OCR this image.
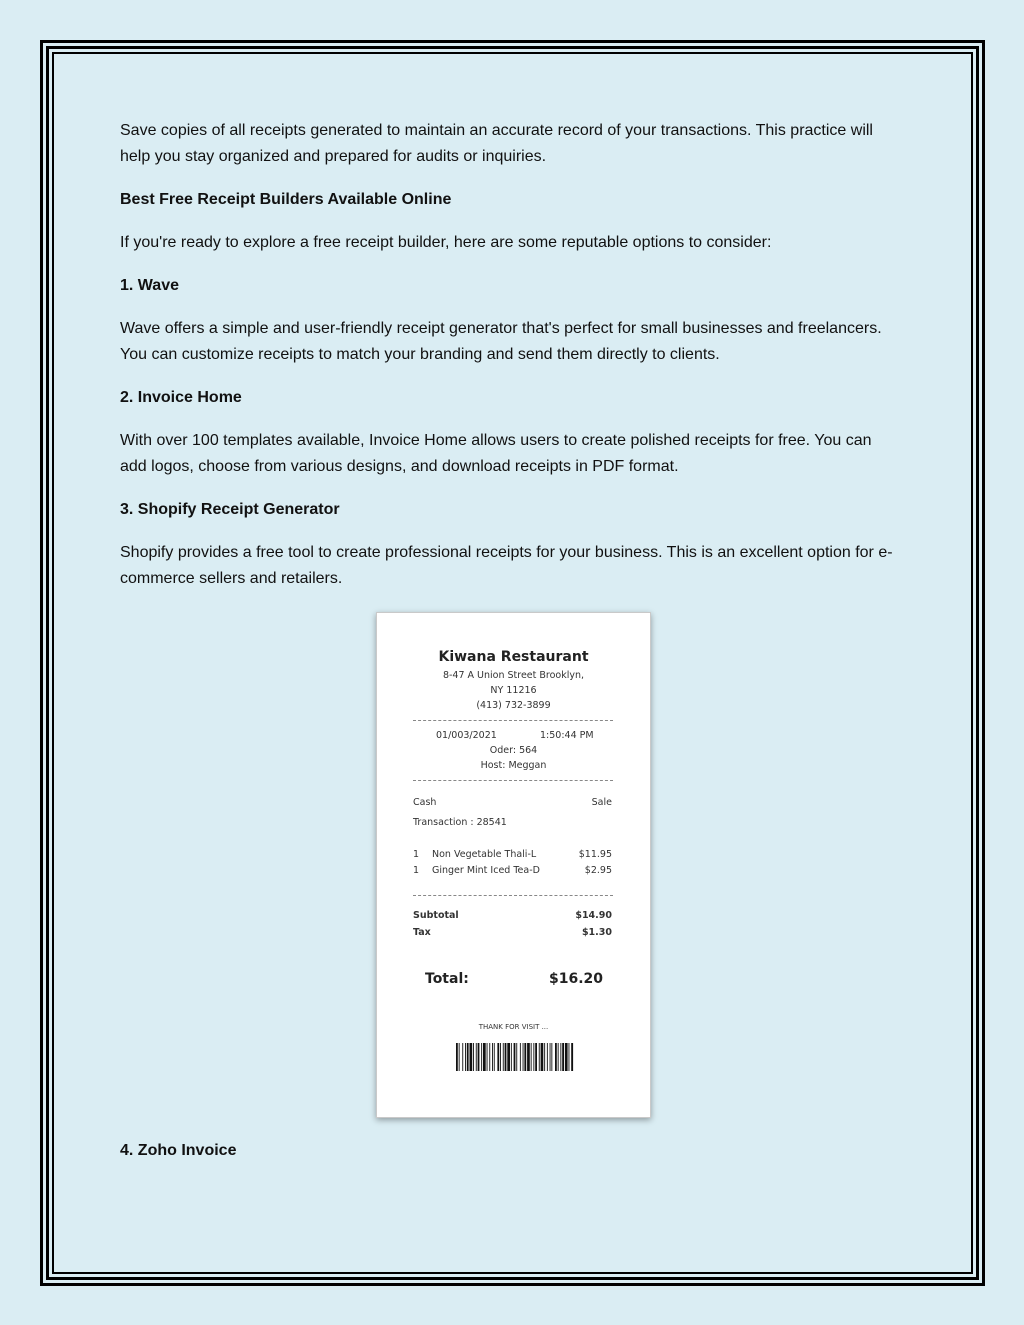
Save copies of all receipts generated to maintain an accurate record of your transactions. This practice will help you stay organized and prepared for audits or inquiries.

Best Free Receipt Builders Available Online

If you're ready to explore a free receipt builder, here are some reputable options to consider:

1. Wave

Wave offers a simple and user-friendly receipt generator that's perfect for small businesses and freelancers. You can customize receipts to match your branding and send them directly to clients.

2. Invoice Home

With over 100 templates available, Invoice Home allows users to create polished receipts for free. You can add logos, choose from various designs, and download receipts in PDF format.

3. Shopify Receipt Generator

Shopify provides a free tool to create professional receipts for your business. This is an excellent option for e-commerce sellers and retailers.

Kiwana Restaurant
8-47 A Union Street Brooklyn,
NY 11216
(413) 732-3899
01/003/2021	1:50:44 PM
Oder: 564
Host: Meggan
Cash	Sale
Transaction : 28541
1 Non Vegetable Thali-L	$11.95
1 Ginger Mint Iced Tea-D	$2.95
Subtotal	$14.90
Tax	$1.30
Total:	$16.20
THANK FOR VISIT ...
4. Zoho Invoice
